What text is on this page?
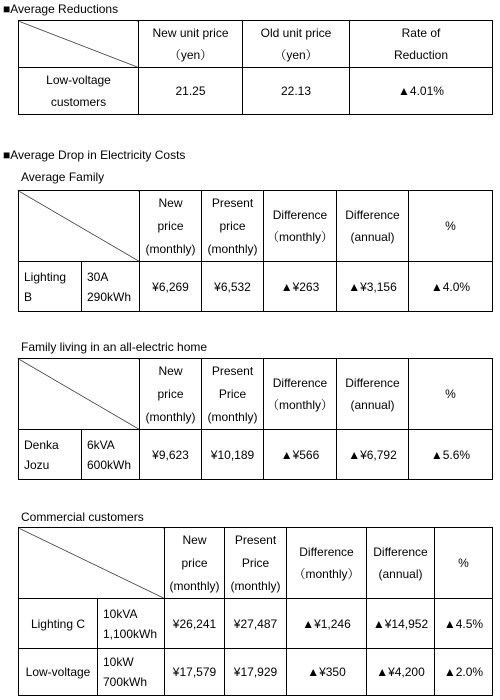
■Average Reductions

	New unit price
（yen）	Old unit price
（yen）	Rate of
Reduction

Low-voltage
customers	21.25	22.13	▲4.01%
■Average Drop in Electricity Costs
Average Family

		New
price
(monthly)	Present
price
(monthly)	Difference
（monthly）	Difference
(annual)	%

Lighting
B	30A
290kWh	¥6,269	¥6,532	▲¥263	▲¥3,156	▲4.0%
Family living in an all-electric home

		New
price
(monthly)	Present
Price
(monthly)	Difference
（monthly）	Difference
(annual)	%

Denka
Jozu	6kVA
600kWh	¥9,623	¥10,189	▲¥566	▲¥6,792	▲5.6%
Commercial customers

		New
price
(monthly)	Present
Price
(monthly)	Difference
（monthly）	Difference
(annual)	%
Lighting C	10kVA
1,100kWh	¥26,241	¥27,487	▲¥1,246	▲¥14,952	▲4.5%
Low-voltage	10kW
700kWh	¥17,579	¥17,929	▲¥350	▲¥4,200	▲2.0%
